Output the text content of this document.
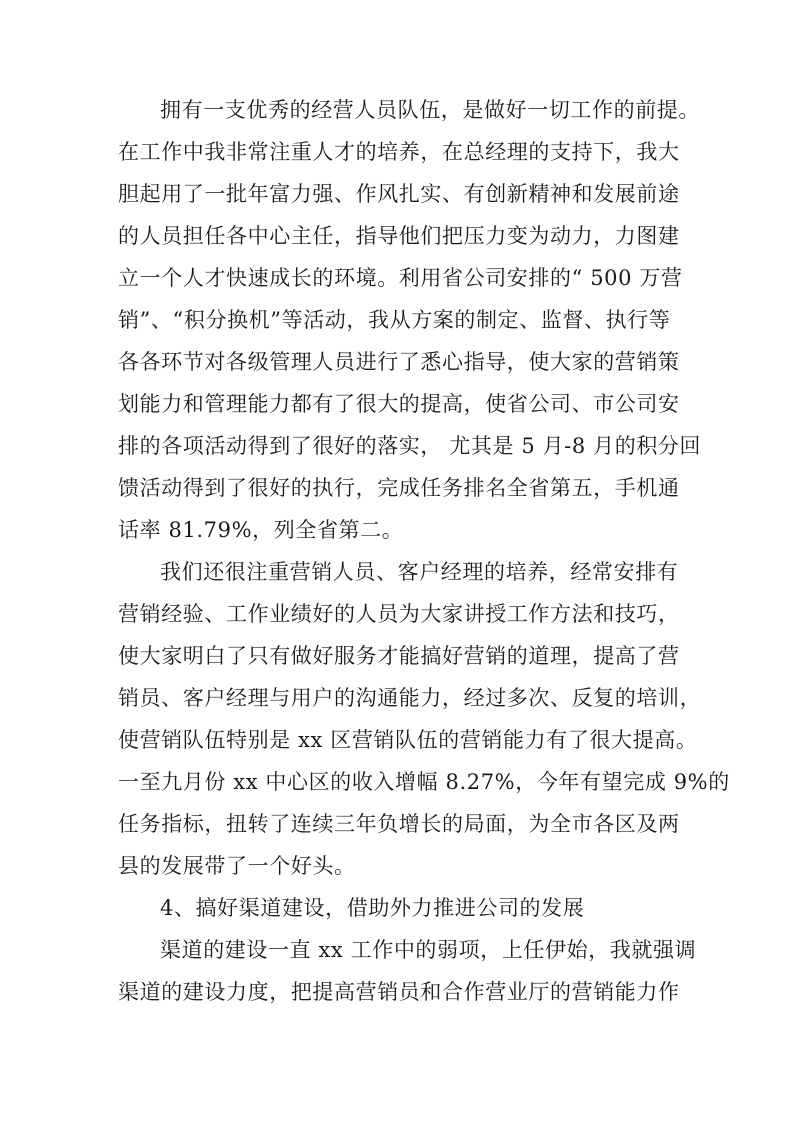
拥有一支优秀的经营人员队伍，是做好一切工作的前提。
在工作中我非常注重人才的培养，在总经理的支持下，我大
胆起用了一批年富力强、作风扎实、有创新精神和发展前途
的人员担任各中心主任，指导他们把压力变为动力，力图建
立一个人才快速成长的环境。利用省公司安排的“ 500 万营
销”、“积分换机”等活动，我从方案的制定、监督、执行等
各各环节对各级管理人员进行了悉心指导，使大家的营销策
划能力和管理能力都有了很大的提高，使省公司、市公司安
排的各项活动得到了很好的落实， 尤其是 5 月-8 月的积分回
馈活动得到了很好的执行，完成任务排名全省第五，手机通
话率 81.79%，列全省第二。
我们还很注重营销人员、客户经理的培养，经常安排有
营销经验、工作业绩好的人员为大家讲授工作方法和技巧，
使大家明白了只有做好服务才能搞好营销的道理，提高了营
销员、客户经理与用户的沟通能力，经过多次、反复的培训，
使营销队伍特别是 xx 区营销队伍的营销能力有了很大提高。
一至九月份 xx 中心区的收入增幅 8.27%，今年有望完成 9%的
任务指标，扭转了连续三年负增长的局面，为全市各区及两
县的发展带了一个好头。
4、搞好渠道建设，借助外力推进公司的发展
渠道的建设一直 xx 工作中的弱项，上任伊始，我就强调
渠道的建设力度，把提高营销员和合作营业厅的营销能力作
